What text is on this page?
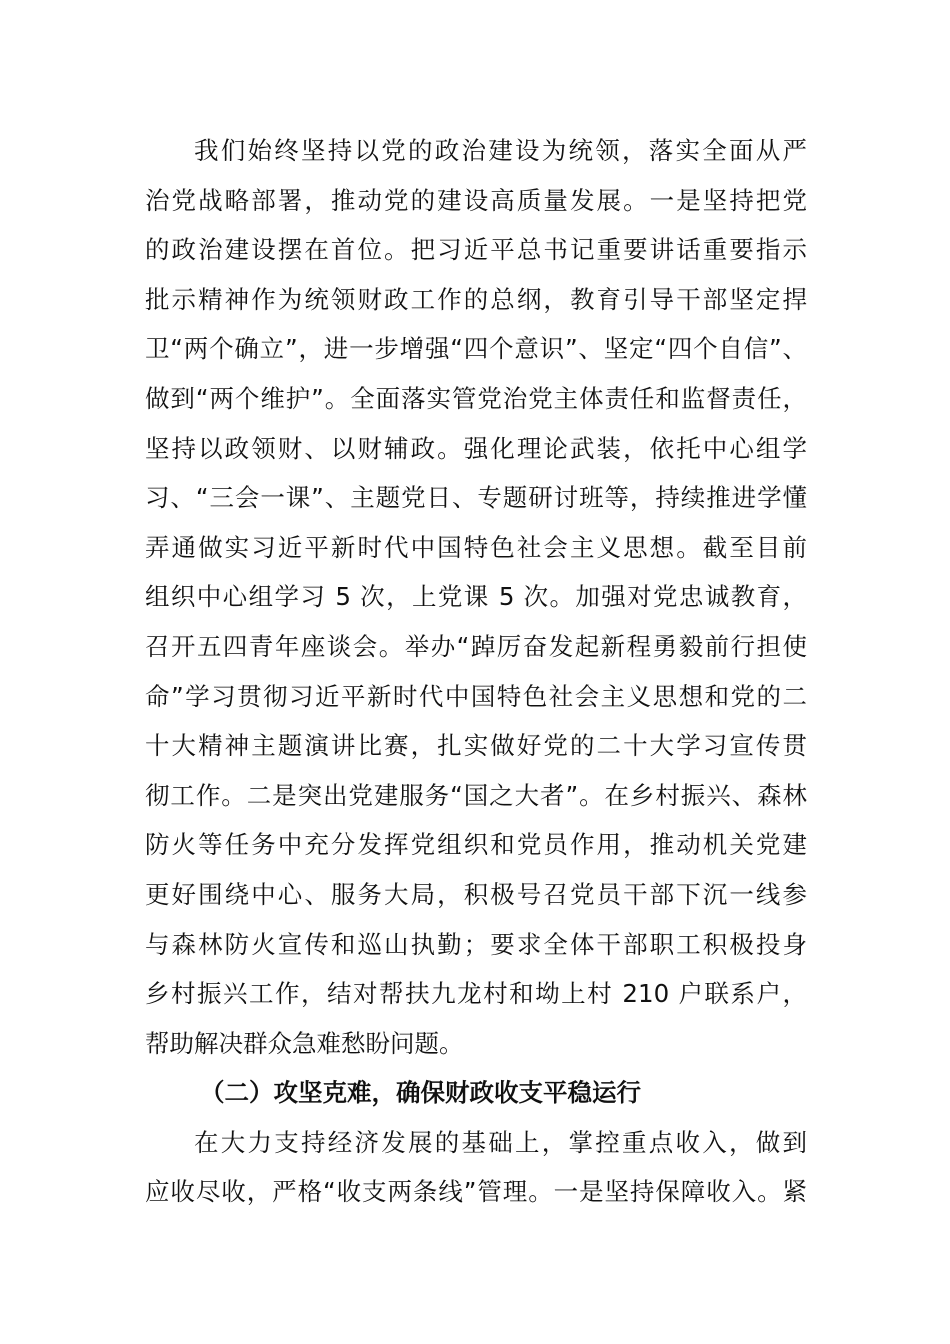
我们始终坚持以党的政治建设为统领，落实全面从严
治党战略部署，推动党的建设高质量发展。一是坚持把党
的政治建设摆在首位。把习近平总书记重要讲话重要指示
批示精神作为统领财政工作的总纲，教育引导干部坚定捍
卫“两个确立”，进一步增强“四个意识”、坚定“四个自信”、
做到“两个维护”。全面落实管党治党主体责任和监督责任，
坚持以政领财、以财辅政。强化理论武装，依托中心组学
习、“三会一课”、主题党日、专题研讨班等，持续推进学懂
弄通做实习近平新时代中国特色社会主义思想。截至目前
组织中心组学习 5 次，上党课 5 次。加强对党忠诚教育，
召开五四青年座谈会。举办“踔厉奋发起新程勇毅前行担使
命”学习贯彻习近平新时代中国特色社会主义思想和党的二
十大精神主题演讲比赛，扎实做好党的二十大学习宣传贯
彻工作。二是突出党建服务“国之大者”。在乡村振兴、森林
防火等任务中充分发挥党组织和党员作用，推动机关党建
更好围绕中心、服务大局，积极号召党员干部下沉一线参
与森林防火宣传和巡山执勤；要求全体干部职工积极投身
乡村振兴工作，结对帮扶九龙村和坳上村 210 户联系户，
帮助解决群众急难愁盼问题。
（二）攻坚克难，确保财政收支平稳运行
在大力支持经济发展的基础上，掌控重点收入，做到
应收尽收，严格“收支两条线”管理。一是坚持保障收入。紧
